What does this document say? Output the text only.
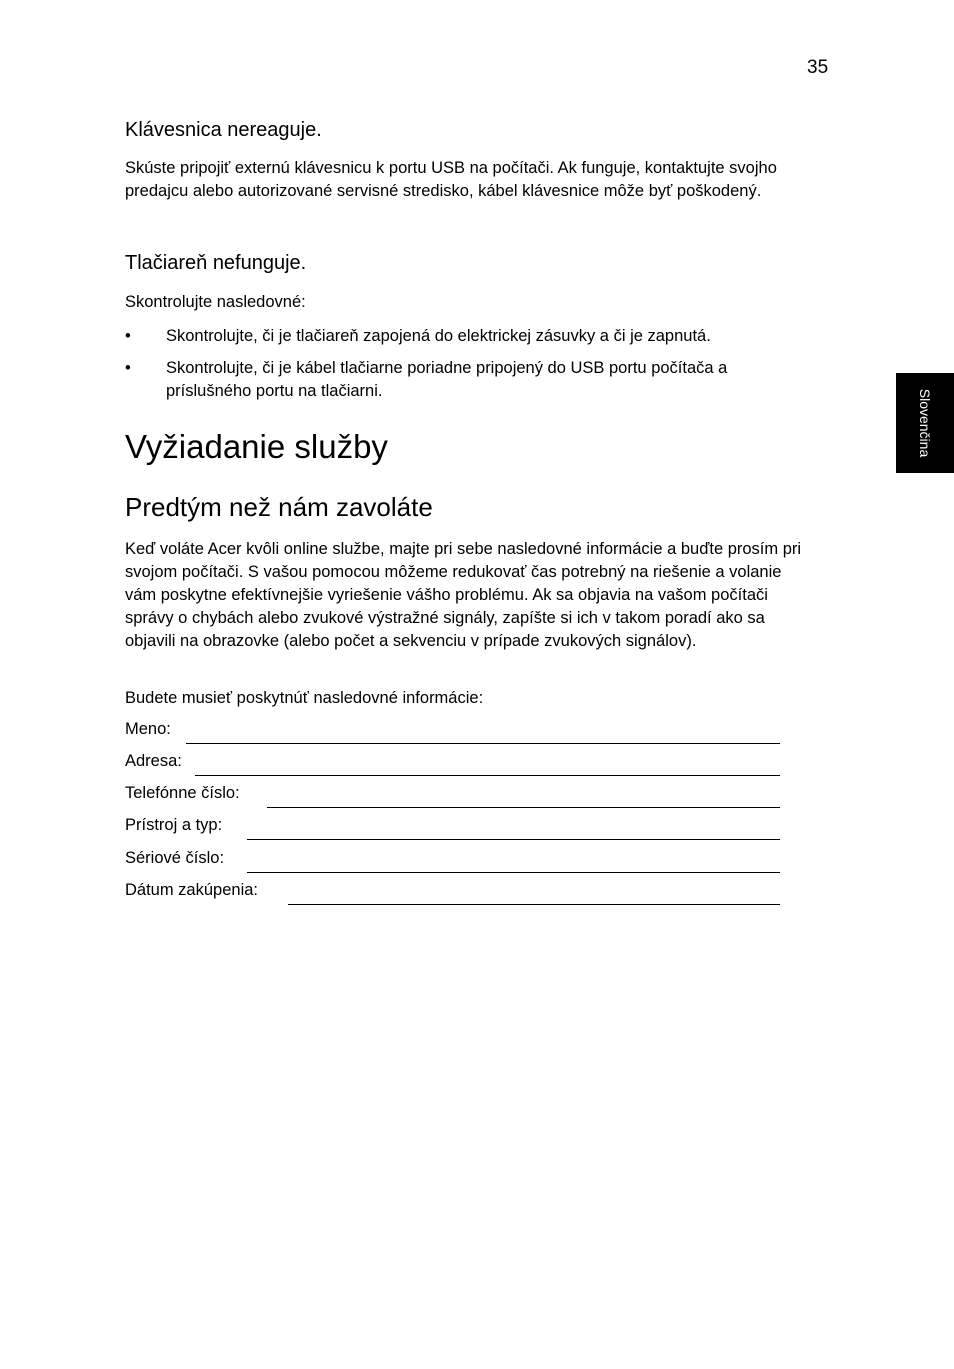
35
Slovenčina
Klávesnica nereaguje.

Skúste pripojiť externú klávesnicu k portu USB na počítači. Ak funguje, kontaktujte svojho predajcu alebo autorizované servisné stredisko, kábel klávesnice môže byť poškodený.

Tlačiareň nefunguje.

Skontrolujte nasledovné:

• Skontrolujte, či je tlačiareň zapojená do elektrickej zásuvky a či je zapnutá.
• Skontrolujte, či je kábel tlačiarne poriadne pripojený do USB portu počítača a príslušného portu na tlačiarni.
Vyžiadanie služby
Predtým než nám zavoláte

Keď voláte Acer kvôli online službe, majte pri sebe nasledovné informácie a buďte prosím pri svojom počítači. S vašou pomocou môžeme redukovať čas potrebný na riešenie a volanie vám poskytne efektívnejšie vyriešenie vášho problému. Ak sa objavia na vašom počítači správy o chybách alebo zvukové výstražné signály, zapíšte si ich v takom poradí ako sa objavili na obrazovke (alebo počet a sekvenciu v prípade zvukových signálov).

Budete musieť poskytnúť nasledovné informácie:

Meno:
Adresa:
Telefónne číslo:
Prístroj a typ:
Sériové číslo:
Dátum zakúpenia:
